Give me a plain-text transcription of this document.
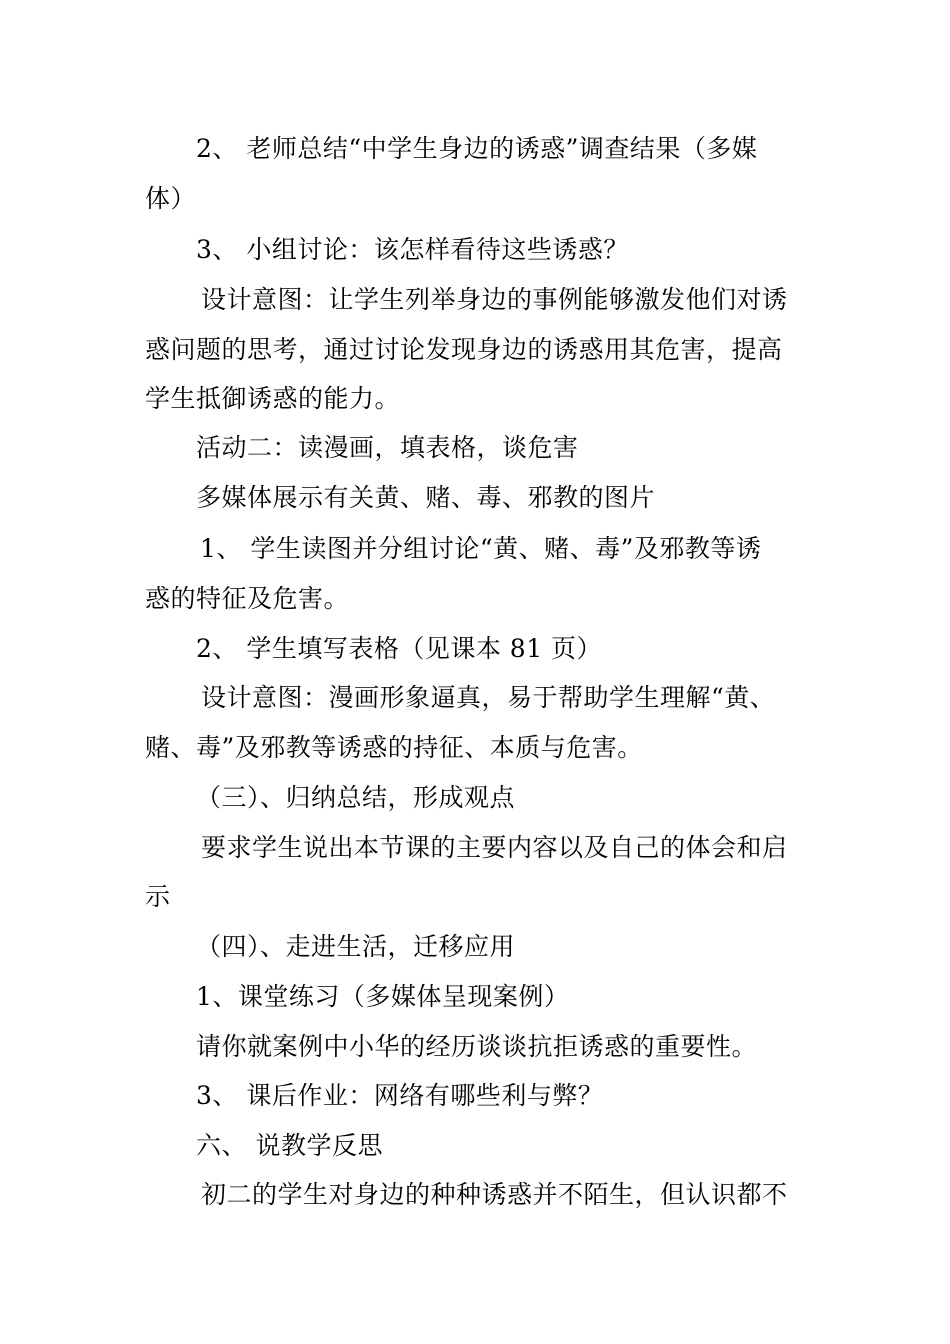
2、 老师总结“中学生身边的诱惑”调查结果（多媒
体）
3、 小组讨论：该怎样看待这些诱惑？
设计意图：让学生列举身边的事例能够激发他们对诱
惑问题的思考，通过讨论发现身边的诱惑用其危害，提高
学生抵御诱惑的能力。
活动二：读漫画，填表格，谈危害
多媒体展示有关黄、赌、毒、邪教的图片
1、 学生读图并分组讨论“黄、赌、毒”及邪教等诱
惑的特征及危害。
2、 学生填写表格（见课本 81 页）
设计意图：漫画形象逼真，易于帮助学生理解“黄、
赌、毒”及邪教等诱惑的持征、本质与危害。
（三）、归纳总结，形成观点
要求学生说出本节课的主要内容以及自己的体会和启
示
（四）、走进生活，迁移应用
1、课堂练习（多媒体呈现案例）
请你就案例中小华的经历谈谈抗拒诱惑的重要性。
3、 课后作业：网络有哪些利与弊？
六、 说教学反思
初二的学生对身边的种种诱惑并不陌生，但认识都不
